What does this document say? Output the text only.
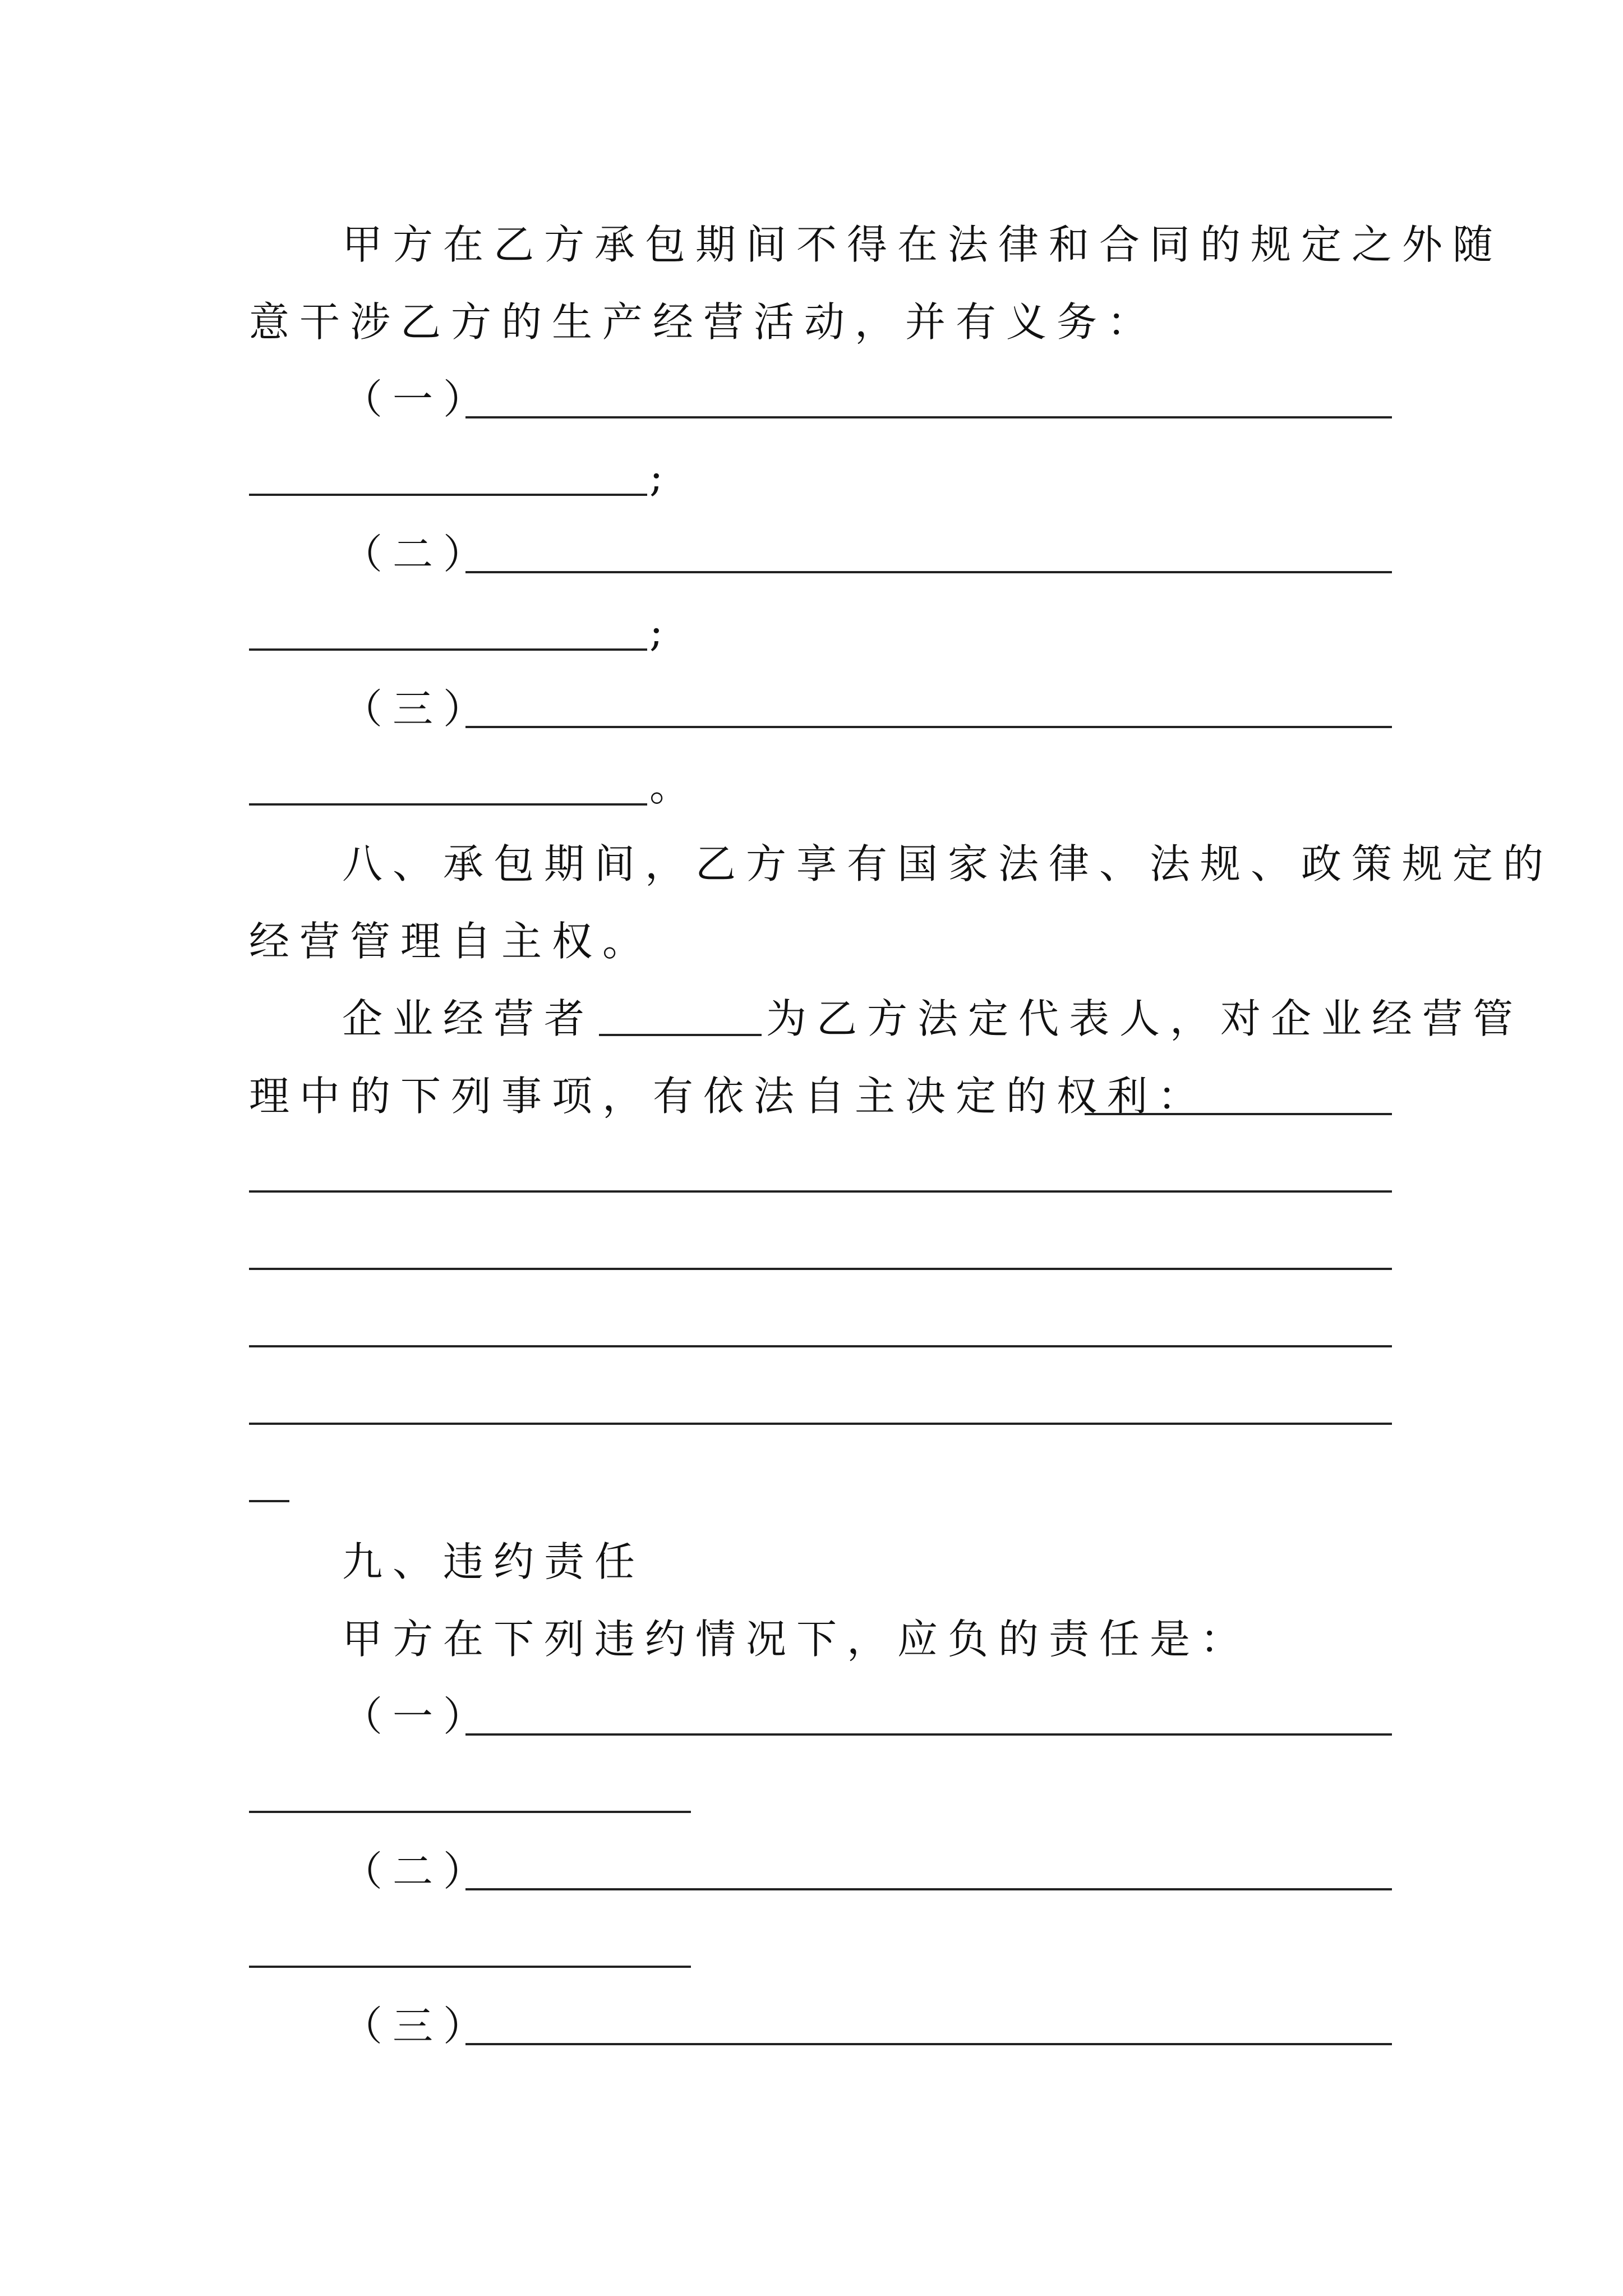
甲方在乙方承包期间不得在法律和合同的规定之外随
意干涉乙方的生产经营活动，并有义务：
（一）
;
（二）
;
（三）
。
八、承包期间，乙方享有国家法律、法规、政策规定的
经营管理自主权。
企业经营者	为乙方法定代表人，对企业经营管
理中的下列事项，有依法自主决定的权利：
九、违约责任
甲方在下列违约情况下，应负的责任是：
（一）
（二）
（三）
